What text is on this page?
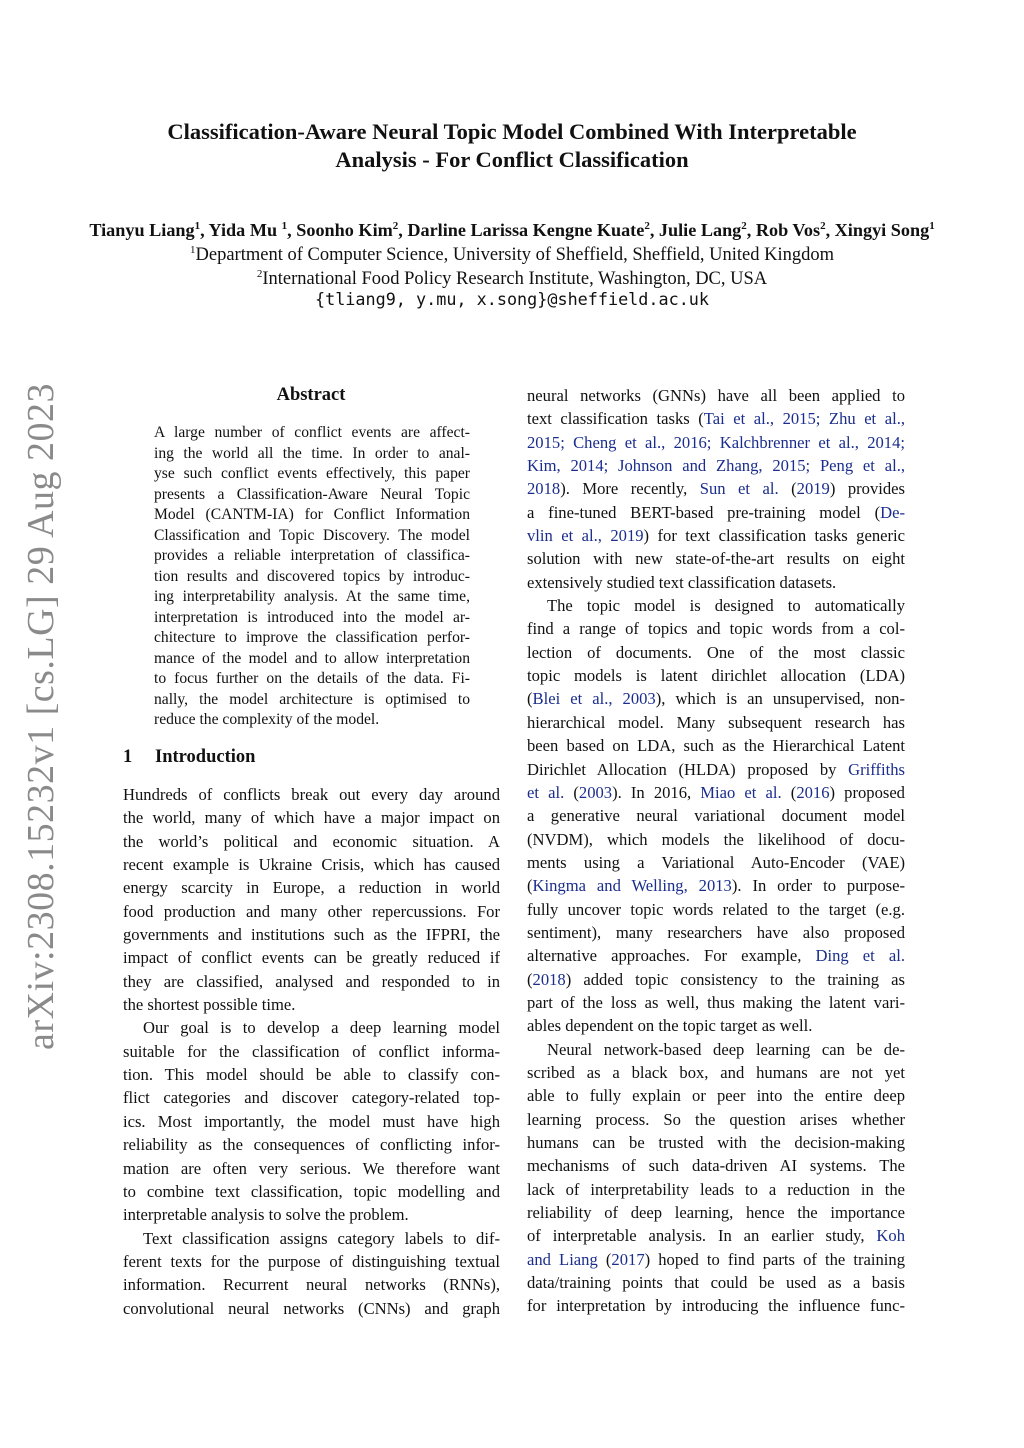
Classification-Aware Neural Topic Model Combined With Interpretable
Analysis - For Conflict Classification
Tianyu Liang$^1$, Yida Mu $^1$, Soonho Kim$^2$, Darline Larissa Kengne Kuate$^2$, Julie Lang$^2$, Rob Vos$^2$, Xingyi Song$^1$
$^1$Department of Computer Science, University of Sheffield, Sheffield, United Kingdom
$^2$International Food Policy Research Institute, Washington, DC, USA
{tliang9, y.mu, x.song}@sheffield.ac.uk
arXiv:2308.15232v1 [cs.LG] 29 Aug 2023	Abstract
A large number of conflict events are affect-
ing the world all the time. In order to anal-
yse such conflict events effectively, this paper
presents a Classification-Aware Neural Topic
Model (CANTM-IA) for Conflict Information
Classification and Topic Discovery. The model
provides a reliable interpretation of classifica-
tion results and discovered topics by introduc-
ing interpretability analysis. At the same time,
interpretation is introduced into the model ar-
chitecture to improve the classification perfor-
mance of the model and to allow interpretation
to focus further on the details of the data. Fi-
nally, the model architecture is optimised to
reduce the complexity of the model.
1 Introduction
Hundreds of conflicts break out every day around
the world, many of which have a major impact on
the world’s political and economic situation. A
recent example is Ukraine Crisis, which has caused
energy scarcity in Europe, a reduction in world
food production and many other repercussions. For
governments and institutions such as the IFPRI, the
impact of conflict events can be greatly reduced if
they are classified, analysed and responded to in
the shortest possible time.
Our goal is to develop a deep learning model
suitable for the classification of conflict informa-
tion. This model should be able to classify con-
flict categories and discover category-related top-
ics. Most importantly, the model must have high
reliability as the consequences of conflicting infor-
mation are often very serious. We therefore want
to combine text classification, topic modelling and
interpretable analysis to solve the problem.
Text classification assigns category labels to dif-
ferent texts for the purpose of distinguishing textual
information. Recurrent neural networks (RNNs),
convolutional neural networks (CNNs) and graph
neural networks (GNNs) have all been applied to
text classification tasks (Tai et al., 2015; Zhu et al.,
2015; Cheng et al., 2016; Kalchbrenner et al., 2014;
Kim, 2014; Johnson and Zhang, 2015; Peng et al.,
2018). More recently, Sun et al. (2019) provides
a fine-tuned BERT-based pre-training model (De-
vlin et al., 2019) for text classification tasks generic
solution with new state-of-the-art results on eight
extensively studied text classification datasets.
The topic model is designed to automatically
find a range of topics and topic words from a col-
lection of documents. One of the most classic
topic models is latent dirichlet allocation (LDA)
(Blei et al., 2003), which is an unsupervised, non-
hierarchical model. Many subsequent research has
been based on LDA, such as the Hierarchical Latent
Dirichlet Allocation (HLDA) proposed by Griffiths
et al. (2003). In 2016, Miao et al. (2016) proposed
a generative neural variational document model
(NVDM), which models the likelihood of docu-
ments using a Variational Auto-Encoder (VAE)
(Kingma and Welling, 2013). In order to purpose-
fully uncover topic words related to the target (e.g.
sentiment), many researchers have also proposed
alternative approaches. For example, Ding et al.
(2018) added topic consistency to the training as
part of the loss as well, thus making the latent vari-
ables dependent on the topic target as well.
Neural network-based deep learning can be de-
scribed as a black box, and humans are not yet
able to fully explain or peer into the entire deep
learning process. So the question arises whether
humans can be trusted with the decision-making
mechanisms of such data-driven AI systems. The
lack of interpretability leads to a reduction in the
reliability of deep learning, hence the importance
of interpretable analysis. In an earlier study, Koh
and Liang (2017) hoped to find parts of the training
data/training points that could be used as a basis
for interpretation by introducing the influence func-
